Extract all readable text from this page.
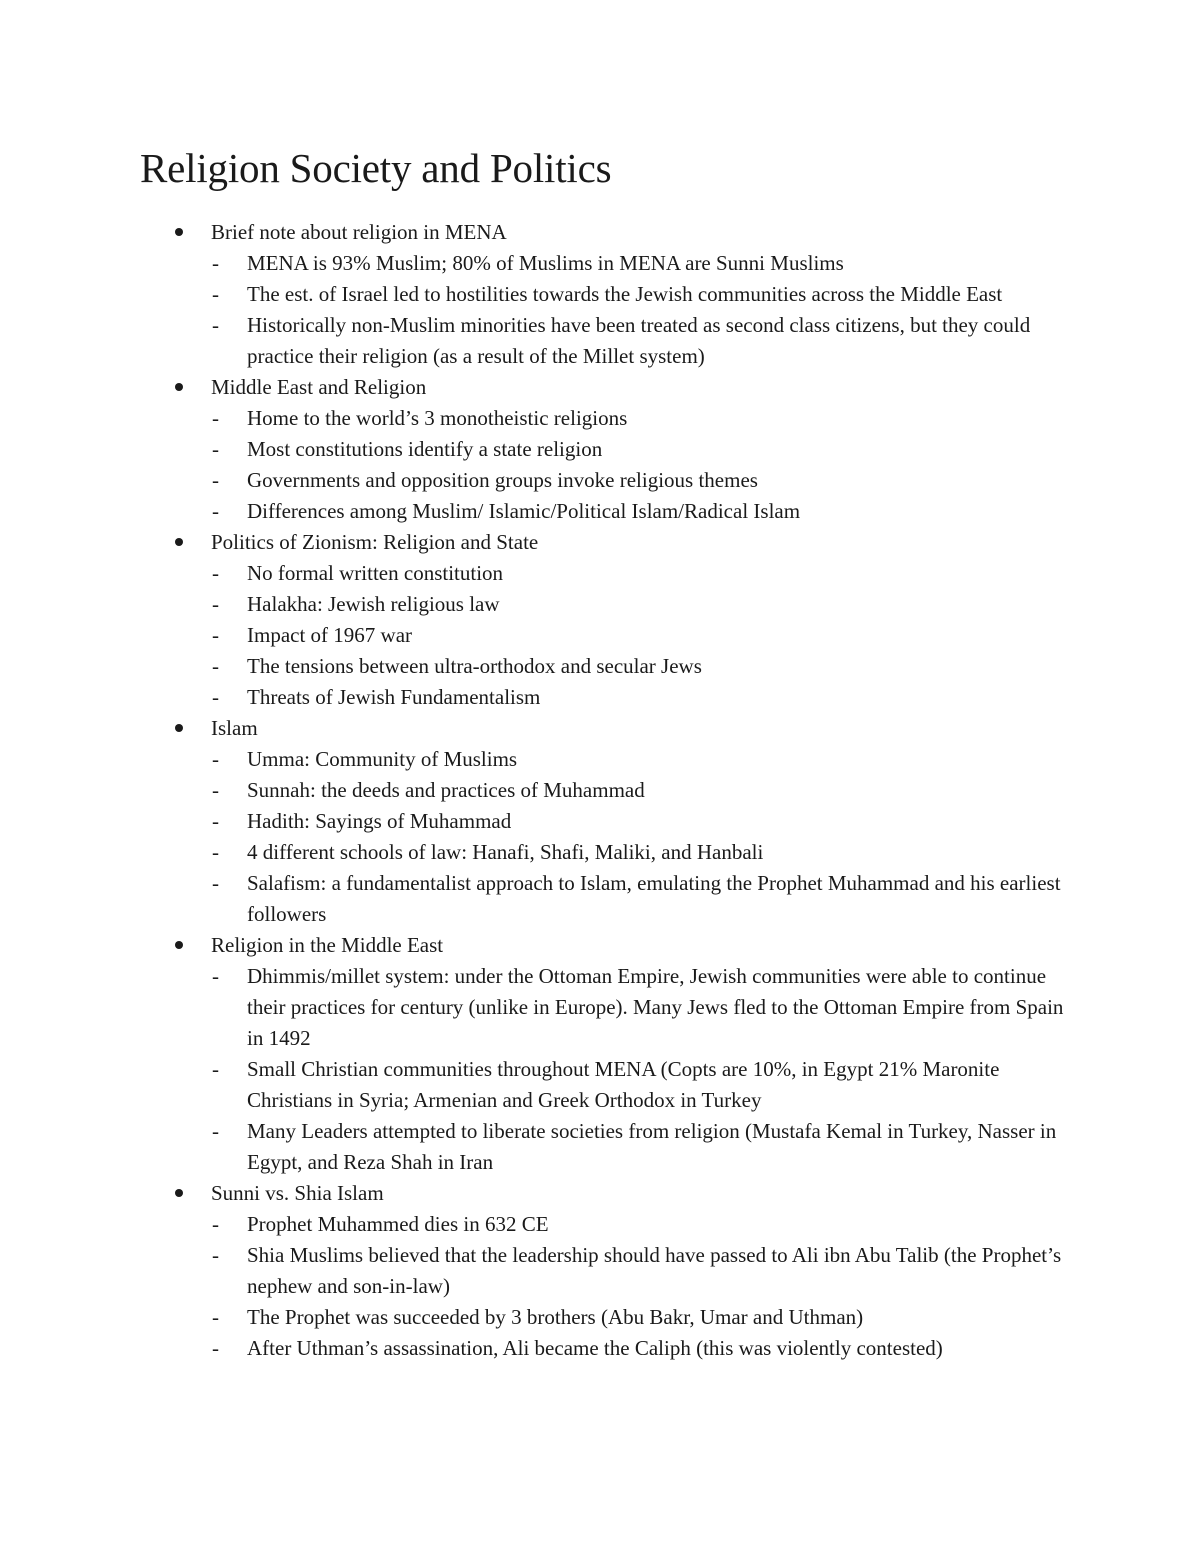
Religion Society and Politics
Brief note about religion in MENA
- MENA is 93% Muslim; 80% of Muslims in MENA are Sunni Muslims
- The est. of Israel led to hostilities towards the Jewish communities across the Middle East
- Historically non-Muslim minorities have been treated as second class citizens, but they could practice their religion (as a result of the Millet system)
Middle East and Religion
- Home to the world’s 3 monotheistic religions
- Most constitutions identify a state religion
- Governments and opposition groups invoke religious themes
- Differences among Muslim/ Islamic/Political Islam/Radical Islam
Politics of Zionism: Religion and State
- No formal written constitution
- Halakha: Jewish religious law
- Impact of 1967 war
- The tensions between ultra-orthodox and secular Jews
- Threats of Jewish Fundamentalism
Islam
- Umma: Community of Muslims
- Sunnah: the deeds and practices of Muhammad
- Hadith: Sayings of Muhammad
- 4 different schools of law: Hanafi, Shafi, Maliki, and Hanbali
- Salafism: a fundamentalist approach to Islam, emulating the Prophet Muhammad and his earliest followers
Religion in the Middle East
- Dhimmis/millet system: under the Ottoman Empire, Jewish communities were able to continue their practices for century (unlike in Europe). Many Jews fled to the Ottoman Empire from Spain in 1492
- Small Christian communities throughout MENA (Copts are 10%, in Egypt 21% Maronite Christians in Syria; Armenian and Greek Orthodox in Turkey
- Many Leaders attempted to liberate societies from religion (Mustafa Kemal in Turkey, Nasser in Egypt, and Reza Shah in Iran
Sunni vs. Shia Islam
- Prophet Muhammed dies in 632 CE
- Shia Muslims believed that the leadership should have passed to Ali ibn Abu Talib (the Prophet’s nephew and son-in-law)
- The Prophet was succeeded by 3 brothers (Abu Bakr, Umar and Uthman)
- After Uthman’s assassination, Ali became the Caliph (this was violently contested)
